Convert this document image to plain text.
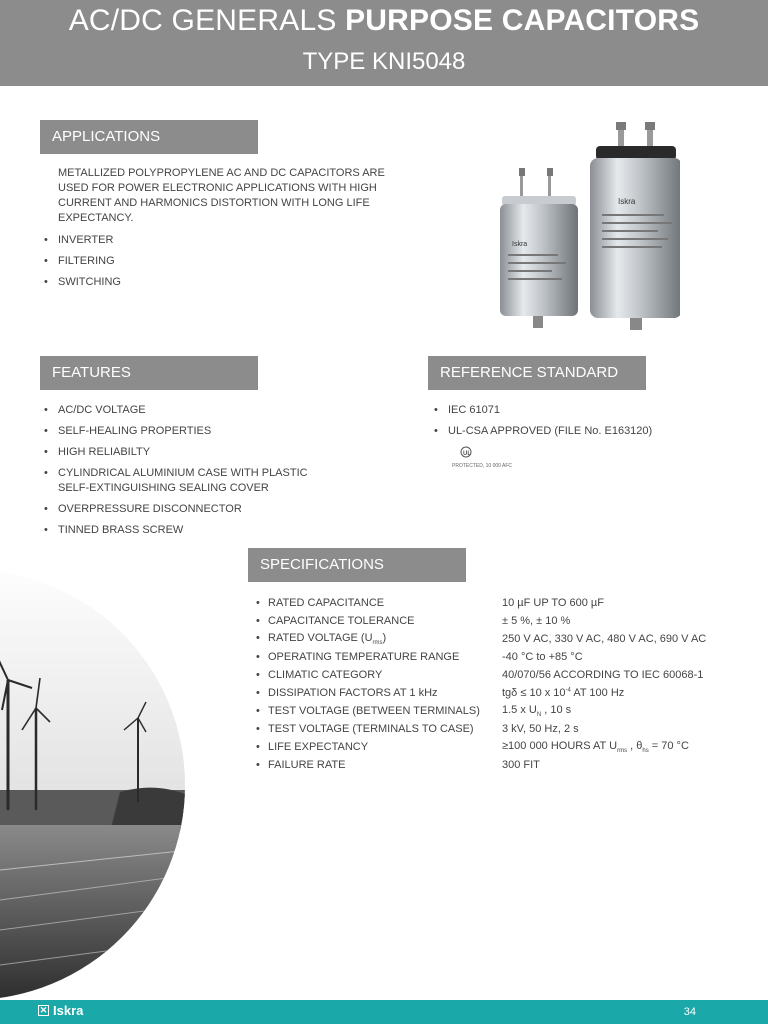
AC/DC GENERALS PURPOSE CAPACITORS
TYPE KNI5048
APPLICATIONS
METALLIZED POLYPROPYLENE AC AND DC CAPACITORS ARE
USED FOR POWER ELECTRONIC APPLICATIONS WITH HIGH
CURRENT AND HARMONICS DISTORTION WITH LONG LIFE
EXPECTANCY.
• INVERTER
• FILTERING
• SWITCHING
Iskra
Iskra
FEATURES
• AC/DC VOLTAGE
• SELF-HEALING PROPERTIES
• HIGH RELIABILTY
• CYLINDRICAL ALUMINIUM CASE WITH PLASTIC
SELF-EXTINGUISHING SEALING COVER
• OVERPRESSURE DISCONNECTOR
• TINNED BRASS SCREW
REFERENCE STANDARD
• IEC 61071
• UL-CSA APPROVED (FILE No. E163120)
UL
PROTECTED, 10 000 AFC
SPECIFICATIONS
• RATED CAPACITANCE	10 µF UP TO 600 µF
• CAPACITANCE TOLERANCE	± 5 %, ± 10 %
• RATED VOLTAGE $(U_{rms})$	250 V AC, 330 V AC, 480 V AC, 690 V AC
• OPERATING TEMPERATURE RANGE	-40 °C to +85 °C
• CLIMATIC CATEGORY	40/070/56 ACCORDING TO IEC 60068-1
• DISSIPATION FACTORS AT 1 kHz	tgδ ≤ 10 x $10^{-4}$ AT 100 Hz
• TEST VOLTAGE (BETWEEN TERMINALS)	1.5 x $U_N$ , 10 s
• TEST VOLTAGE (TERMINALS TO CASE)	3 kV, 50 Hz, 2 s
• LIFE EXPECTANCY	≥100 000 HOURS AT $U_{rms}$ , $\theta_{hs} = 70$ °C
• FAILURE RATE	300 FIT
✕ Iskra	34
